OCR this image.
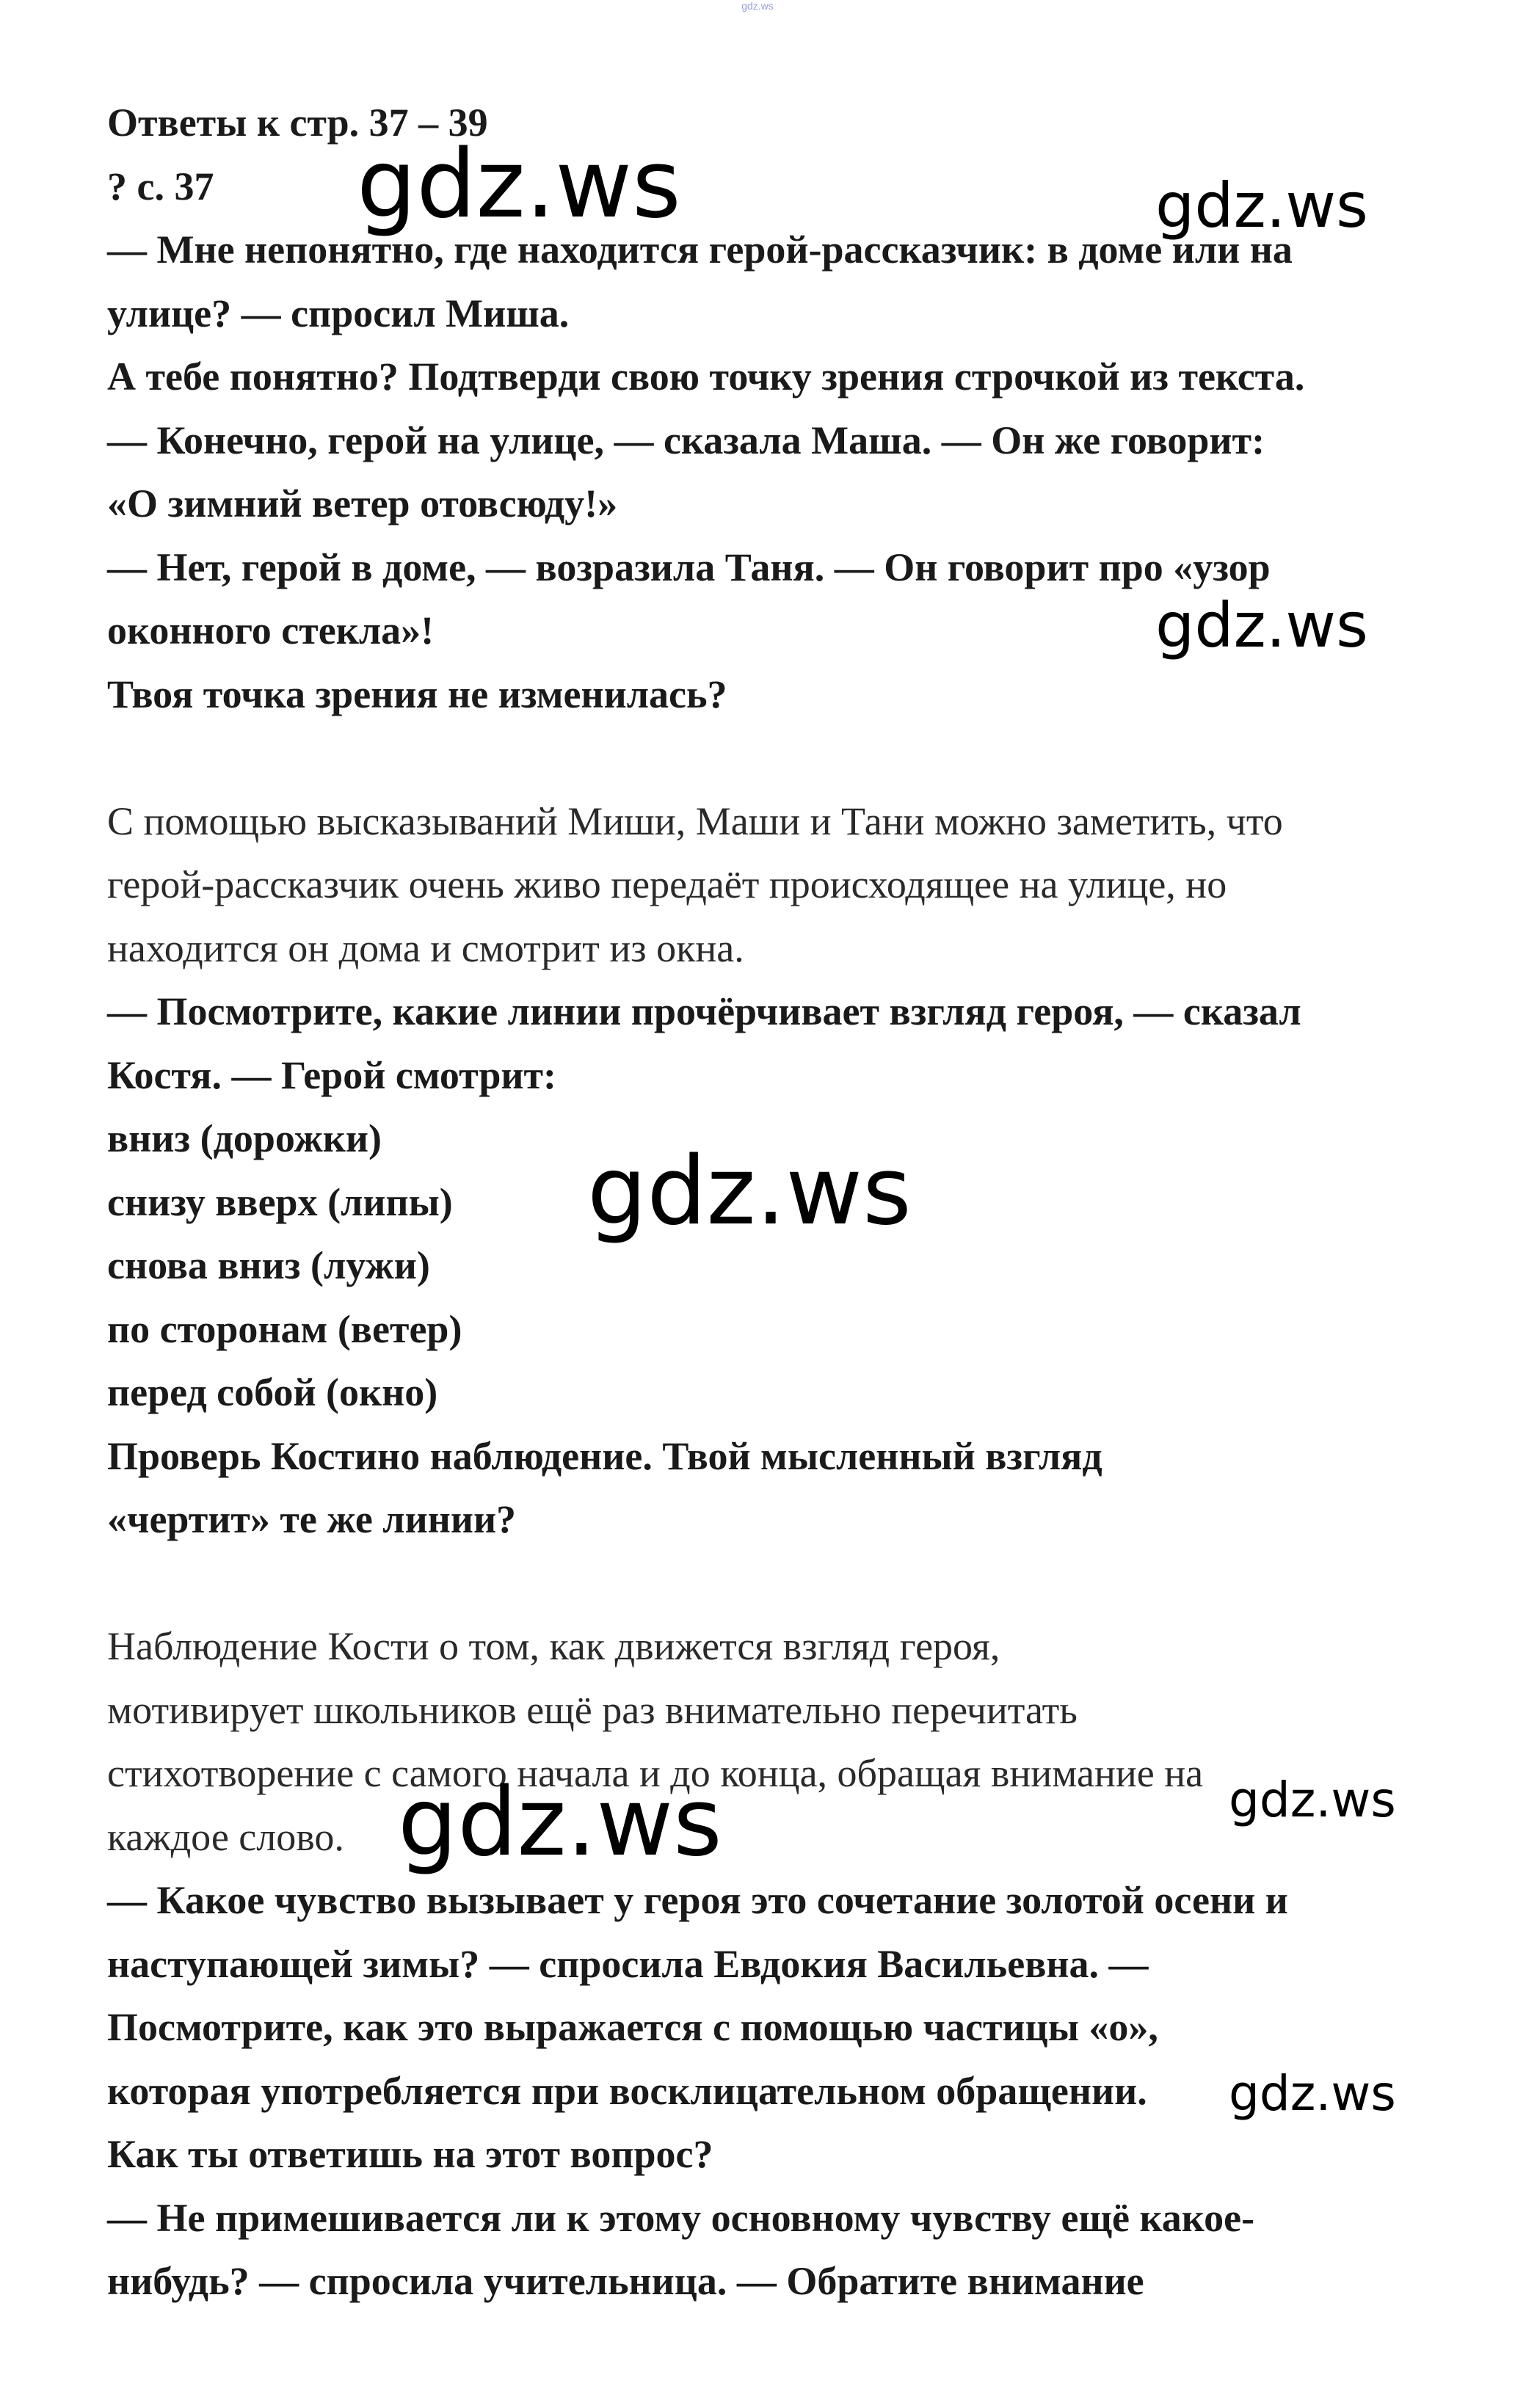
gdz.ws
Ответы к стр. 37 – 39
? с. 37
— Мне непонятно, где находится герой-рассказчик: в доме или на
улице? — спросил Миша.
А тебе понятно? Подтверди свою точку зрения строчкой из текста.
— Конечно, герой на улице, — сказала Маша. — Он же говорит:
«О зимний ветер отовсюду!»
— Нет, герой в доме, — возразила Таня. — Он говорит про «узор
оконного стекла»!
Твоя точка зрения не изменилась?
С помощью высказываний Миши, Маши и Тани можно заметить, что
герой-рассказчик очень живо передаёт происходящее на улице, но
находится он дома и смотрит из окна.
— Посмотрите, какие линии прочёрчивает взгляд героя, — сказал
Костя. — Герой смотрит:
вниз (дорожки)
снизу вверх (липы)
снова вниз (лужи)
по сторонам (ветер)
перед собой (окно)
Проверь Костино наблюдение. Твой мысленный взгляд
«чертит» те же линии?
Наблюдение Кости о том, как движется взгляд героя,
мотивирует школьников ещё раз внимательно перечитать
стихотворение с самого начала и до конца, обращая внимание на
каждое слово.
— Какое чувство вызывает у героя это сочетание золотой осени и
наступающей зимы? — спросила Евдокия Васильевна. —
Посмотрите, как это выражается с помощью частицы «о»,
которая употребляется при восклицательном обращении.
Как ты ответишь на этот вопрос?
— Не примешивается ли к этому основному чувству ещё какое-
нибудь? — спросила учительница. — Обратите внимание
gdz.ws	gdz.ws
gdz.ws
gdz.ws
gdz.ws	gdz.ws
gdz.ws
